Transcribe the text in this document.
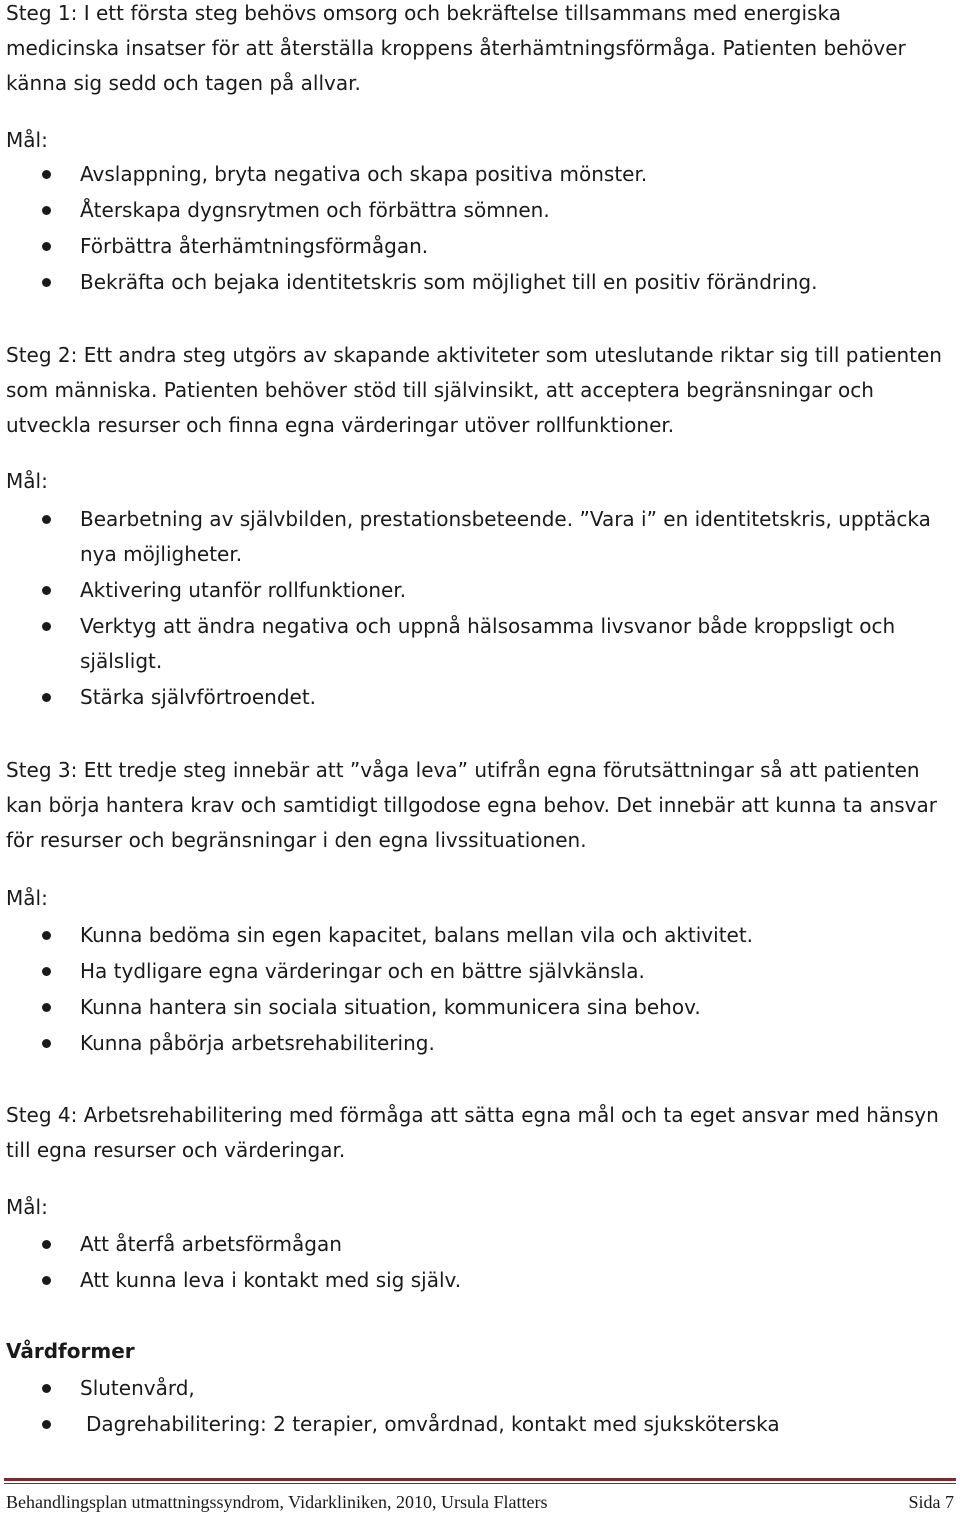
Steg 1: I ett första steg behövs omsorg och bekräftelse tillsammans med energiska medicinska insatser för att återställa kroppens återhämtningsförmåga. Patienten behöver känna sig sedd och tagen på allvar.

Mål:

Avslappning, bryta negativa och skapa positiva mönster.
Återskapa dygnsrytmen och förbättra sömnen.
Förbättra återhämtningsförmågan.
Bekräfta och bejaka identitetskris som möjlighet till en positiv förändring.

Steg 2: Ett andra steg utgörs av skapande aktiviteter som uteslutande riktar sig till patienten som människa. Patienten behöver stöd till självinsikt, att acceptera begränsningar och utveckla resurser och finna egna värderingar utöver rollfunktioner.

Mål:

Bearbetning av självbilden, prestationsbeteende. ”Vara i” en identitetskris, upptäcka nya möjligheter.
Aktivering utanför rollfunktioner.
Verktyg att ändra negativa och uppnå hälsosamma livsvanor både kroppsligt och själsligt.
Stärka självförtroendet.

Steg 3: Ett tredje steg innebär att ”våga leva” utifrån egna förutsättningar så att patienten kan börja hantera krav och samtidigt tillgodose egna behov. Det innebär att kunna ta ansvar för resurser och begränsningar i den egna livssituationen.

Mål:

Kunna bedöma sin egen kapacitet, balans mellan vila och aktivitet.
Ha tydligare egna värderingar och en bättre självkänsla.
Kunna hantera sin sociala situation, kommunicera sina behov.
Kunna påbörja arbetsrehabilitering.

Steg 4: Arbetsrehabilitering med förmåga att sätta egna mål och ta eget ansvar med hänsyn till egna resurser och värderingar.

Mål:

Att återfå arbetsförmågan
Att kunna leva i kontakt med sig själv.

Vårdformer

Slutenvård,
Dagrehabilitering: 2 terapier, omvårdnad, kontakt med sjuksköterska
Behandlingsplan utmattningssyndrom, Vidarkliniken, 2010, Ursula Flatters	Sida 7
